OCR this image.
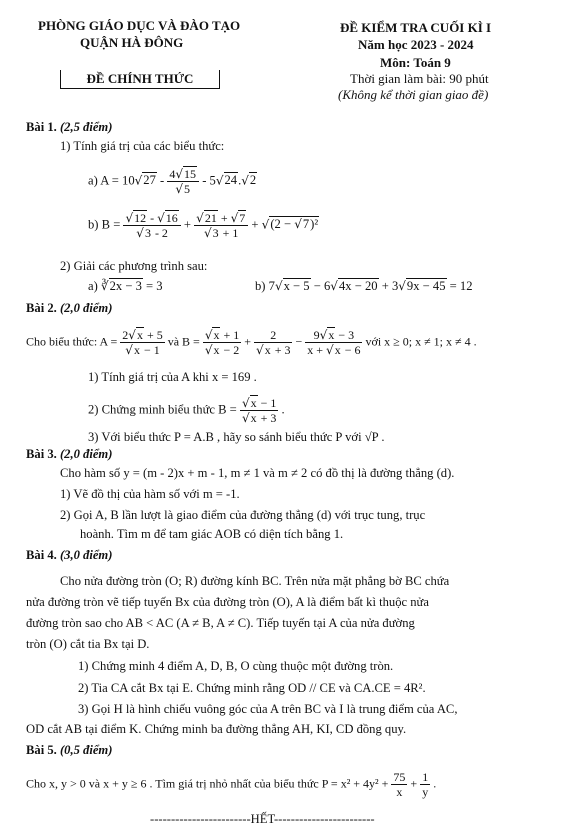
PHÒNG GIÁO DỤC VÀ ĐÀO TẠO
QUẬN HÀ ĐÔNG
ĐỀ CHÍNH THỨC
ĐỀ KIỂM TRA CUỐI KÌ I
Năm học 2023 - 2024
Môn: Toán 9
Thời gian làm bài: 90 phút
(Không kể thời gian giao đề)
Bài 1. (2,5 điểm)
1) Tính giá trị của các biểu thức:
a) $A = 10√27 - \frac{4√15}{√5} - 5√24.√2$
b) $B = \frac{√12 - √16}{√3 - 2} + \frac{√21 + √7}{√3 + 1} + √(2 - √7)^2$
2) Giải các phương trình sau:
a) ∛2x − 3 = 3	b) 7√x − 5 − 6√4x − 20 + 3√9x − 45 = 12
Bài 2. (2,0 điểm)
Cho biểu thức: $A = \frac{2√x + 5}{√x - 1}$ và $B = \frac{√x + 1}{√x - 2} + \frac{2}{√x + 3} - \frac{9√x - 3}{x + √x - 6}$ với x ≥ 0; x ≠ 1; x ≠ 4 .
1) Tính giá trị của A khi x = 169 .
2) Chứng minh biểu thức $B = \frac{√x - 1}{√x + 3}$ .
3) Với biểu thức P = A.B , hãy so sánh biểu thức P với √P .
Bài 3. (2,0 điểm)
Cho hàm số y = (m - 2)x + m - 1, m ≠ 1 và m ≠ 2 có đồ thị là đường thẳng (d).
1) Vẽ đồ thị của hàm số với m = -1.
2) Gọi A, B lần lượt là giao điểm của đường thẳng (d) với trục tung, trục
hoành. Tìm m để tam giác AOB có diện tích bằng 1.
Bài 4. (3,0 điểm)
Cho nửa đường tròn (O; R) đường kính BC. Trên nửa mặt phẳng bờ BC chứa
nửa đường tròn vẽ tiếp tuyến Bx của đường tròn (O), A là điểm bất kì thuộc nửa
đường tròn sao cho AB < AC (A ≠ B, A ≠ C). Tiếp tuyến tại A của nửa đường
tròn (O) cắt tia Bx tại D.
1) Chứng minh 4 điểm A, D, B, O cùng thuộc một đường tròn.
2) Tia CA cắt Bx tại E. Chứng minh rằng OD // CE và CA.CE = 4R².
3) Gọi H là hình chiếu vuông góc của A trên BC và I là trung điểm của AC,
OD cắt AB tại điểm K. Chứng minh ba đường thẳng AH, KI, CD đồng quy.
Bài 5. (0,5 điểm)
Cho x, y > 0 và x + y ≥ 6 . Tìm giá trị nhỏ nhất của biểu thức $P = x^2 + 4y^2 + \frac{75}{x} + \frac{1}{y}$ .
------------------------HẾT------------------------
